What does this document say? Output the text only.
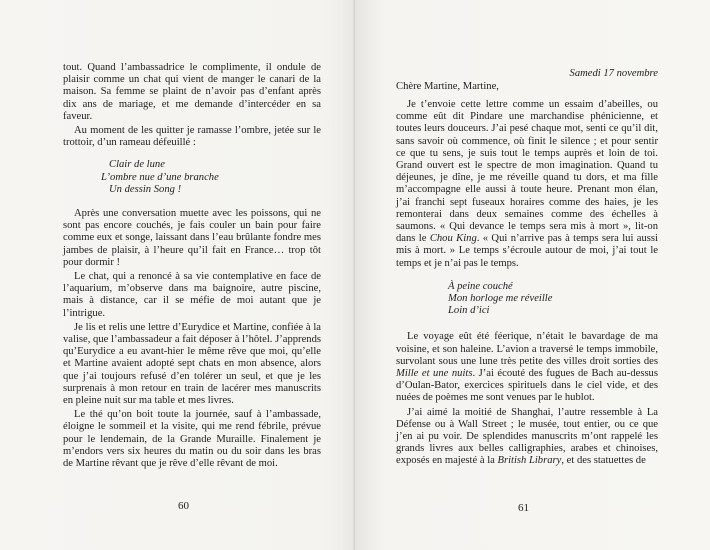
tout. Quand l’ambassadrice le complimente, il ondule de plaisir comme un chat qui vient de manger le canari de la maison. Sa femme se plaint de n’avoir pas d’enfant après dix ans de mariage, et me demande d’intercéder en sa faveur.

Au moment de les quitter je ramasse l’ombre, jetée sur le trottoir, d’un rameau défeuillé :

Clair de lune
L’ombre nue d’une branche
Un dessin Song !

Après une conversation muette avec les poissons, qui ne sont pas encore couchés, je fais couler un bain pour faire comme eux et songe, laissant dans l’eau brûlante fondre mes jambes de plaisir, à l’heure qu’il fait en France… trop tôt pour dormir !

Le chat, qui a renoncé à sa vie contemplative en face de l’aquarium, m’observe dans ma baignoire, autre piscine, mais à distance, car il se méfie de moi autant que je l’intrigue.

Je lis et relis une lettre d’Eurydice et Martine, confiée à la valise, que l’ambassadeur a fait déposer à l’hôtel. J’apprends qu’Eurydice a eu avant-hier le même rêve que moi, qu’elle et Martine avaient adopté sept chats en mon absence, alors que j’ai toujours refusé d’en tolérer un seul, et que je les surprenais à mon retour en train de lacérer mes manuscrits en pleine nuit sur ma table et mes livres.

Le thé qu’on boit toute la journée, sauf à l’ambassade, éloigne le sommeil et la visite, qui me rend fébrile, prévue pour le lendemain, de la Grande Muraille. Finalement je m’endors vers six heures du matin ou du soir dans les bras de Martine rêvant que je rêve d’elle rêvant de moi.

60
Samedi 17 novembre
Chère Martine, Martine,

Je t’envoie cette lettre comme un essaim d’abeilles, ou comme eût dit Pindare une marchandise phénicienne, et toutes leurs douceurs. J’ai pesé chaque mot, senti ce qu’il dit, sans savoir où commence, où finit le silence ; et pour sentir ce que tu sens, je suis tout le temps auprès et loin de toi. Grand ouvert est le spectre de mon imagination. Quand tu déjeunes, je dîne, je me réveille quand tu dors, et ma fille m’accompagne elle aussi à toute heure. Prenant mon élan, j’ai franchi sept fuseaux horaires comme des haies, je les remonterai dans deux semaines comme des échelles à saumons. « Qui devance le temps sera mis à mort », lit-on dans le Chou King. « Qui n’arrive pas à temps sera lui aussi mis à mort. » Le temps s’écroule autour de moi, j’ai tout le temps et je n’ai pas le temps.

À peine couché
Mon horloge me réveille
Loin d’ici

Le voyage eût été féerique, n’était le bavardage de ma voisine, et son haleine. L’avion a traversé le temps immobile, survolant sous une lune très petite des villes droit sorties des Mille et une nuits. J’ai écouté des fugues de Bach au-dessus d’Oulan-Bator, exercices spirituels dans le ciel vide, et des nuées de poèmes me sont venues par le hublot.

J’ai aimé la moitié de Shanghai, l’autre ressemble à La Défense ou à Wall Street ; le musée, tout entier, ou ce que j’en ai pu voir. De splendides manuscrits m’ont rappelé les grands livres aux belles calligraphies, arabes et chinoises, exposés en majesté à la British Library, et des statuettes de

61
